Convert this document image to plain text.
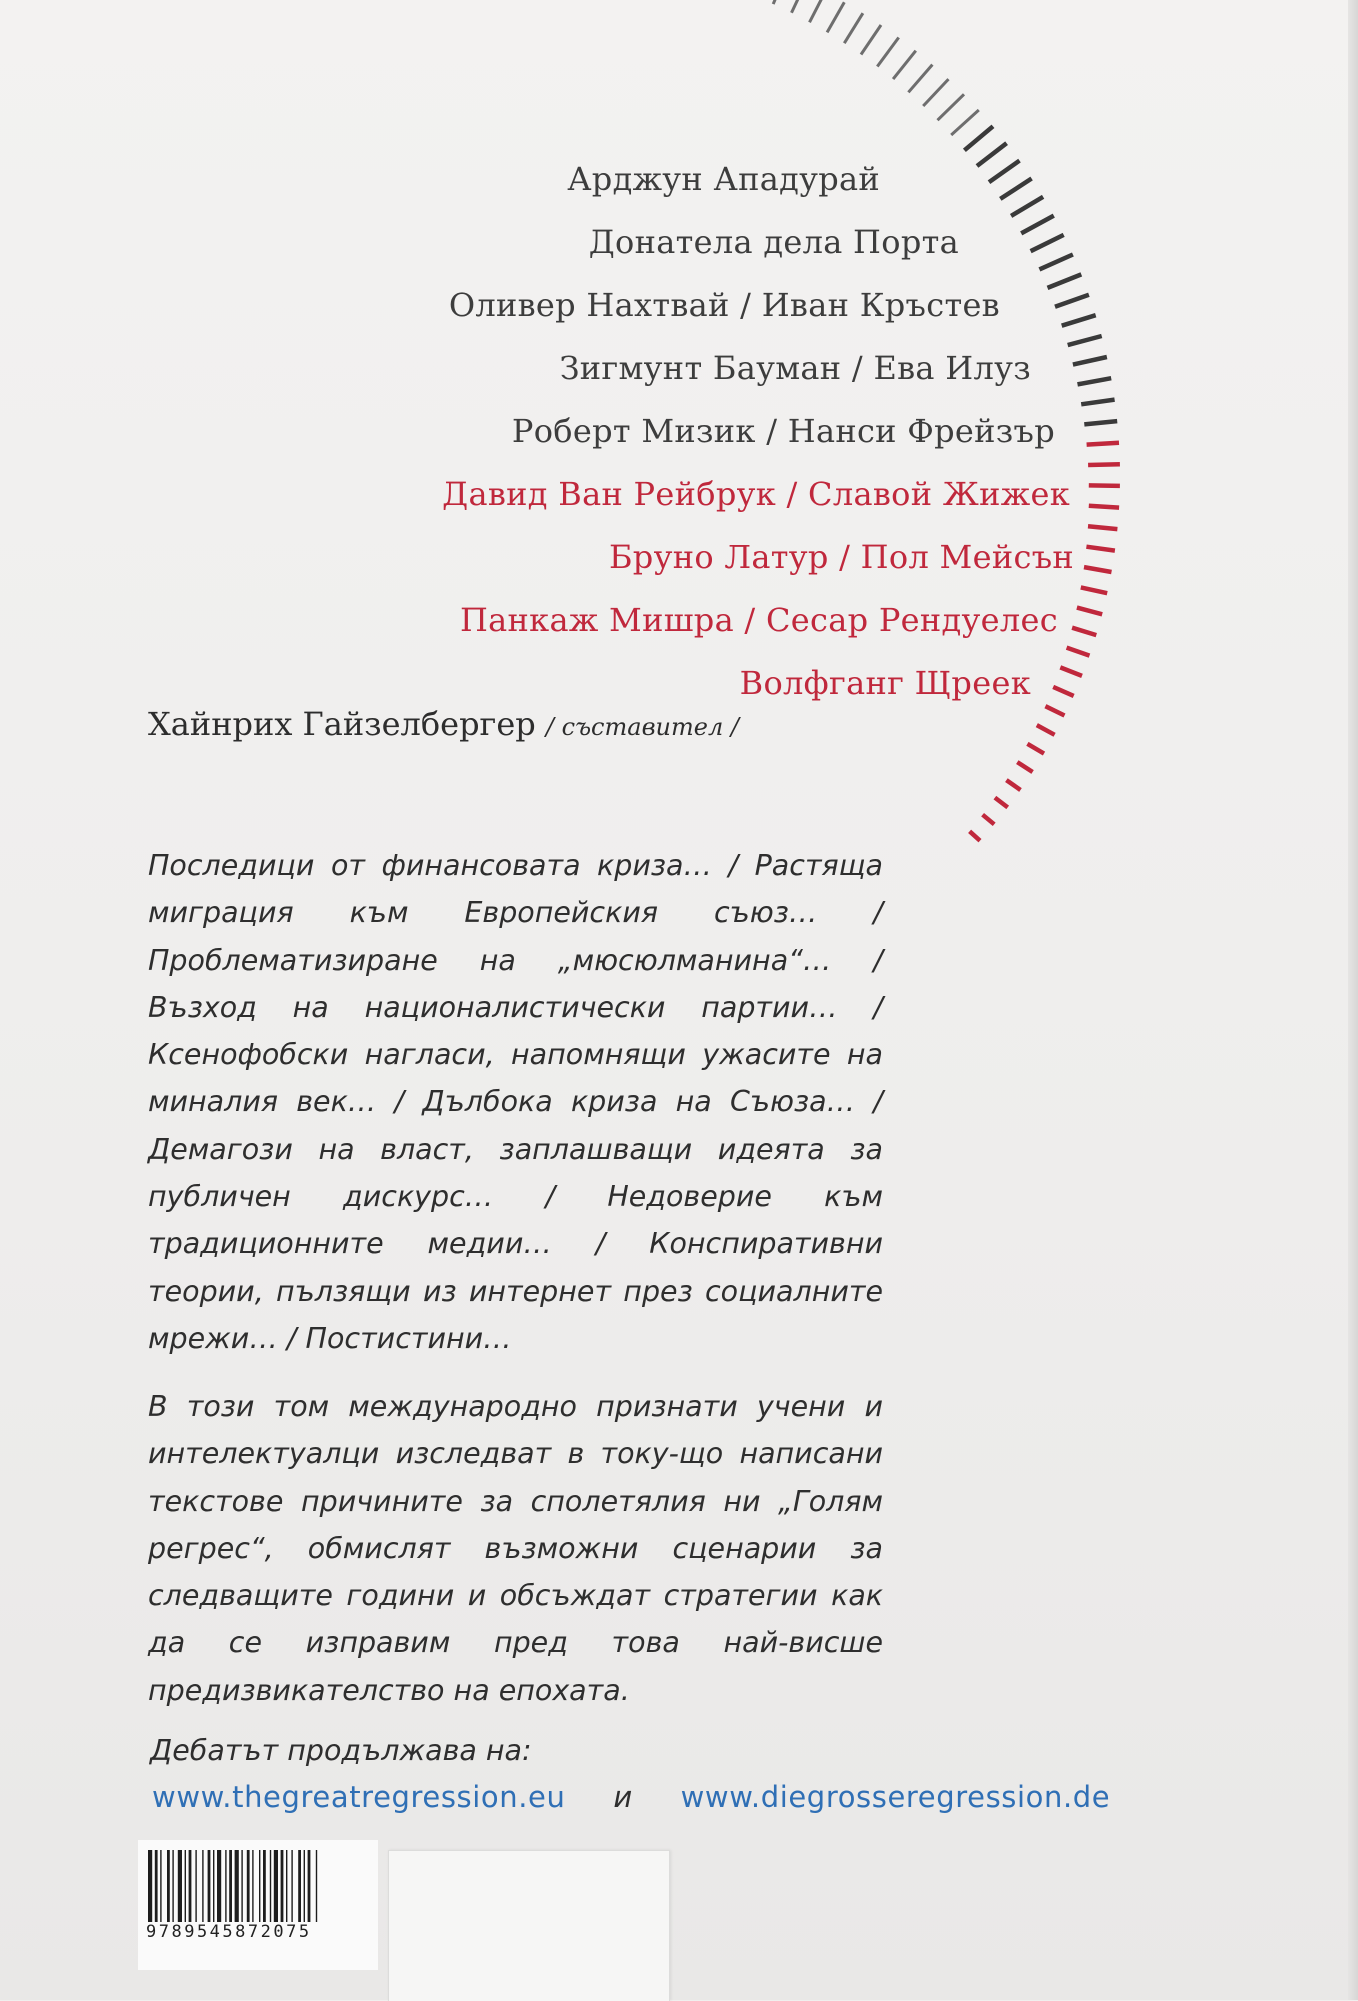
Арджун Ападурай
Донатела дела Порта
Оливер Нахтвай / Иван Кръстев
Зигмунт Бауман / Ева Илуз
Роберт Мизик / Нанси Фрейзър
Давид Ван Рейбрук / Славой Жижек
Бруно Латур / Пол Мейсън
Панкаж Мишра / Сесар Рендуелес
Волфганг Щреек
Хайнрих Гайзелбергер / съставител /
Последици от финансовата криза… / Растяща миграция към Европейския съюз… / Проблематизиране на „мюсюлманина“… / Възход на националистически партии… / Ксенофобски нагласи, напомнящи ужасите на миналия век… / Дълбока криза на Съюза… / Демагози на власт, заплашващи идеята за публичен дискурс… / Недоверие към традиционните медии… / Конспиративни теории, пълзящи из интернет през социалните мрежи… / Постистини…
В този том международно признати учени и интелектуалци изследват в току-що написани текстове причините за сполетялия ни „Голям регрес“, обмислят възможни сценарии за следващите години и обсъждат стратегии как да се изправим пред това най-висше предизвикателство на епохата.
Дебатът продължава на:
www.thegreatregression.eu и www.diegrosseregression.de
9789545872075
